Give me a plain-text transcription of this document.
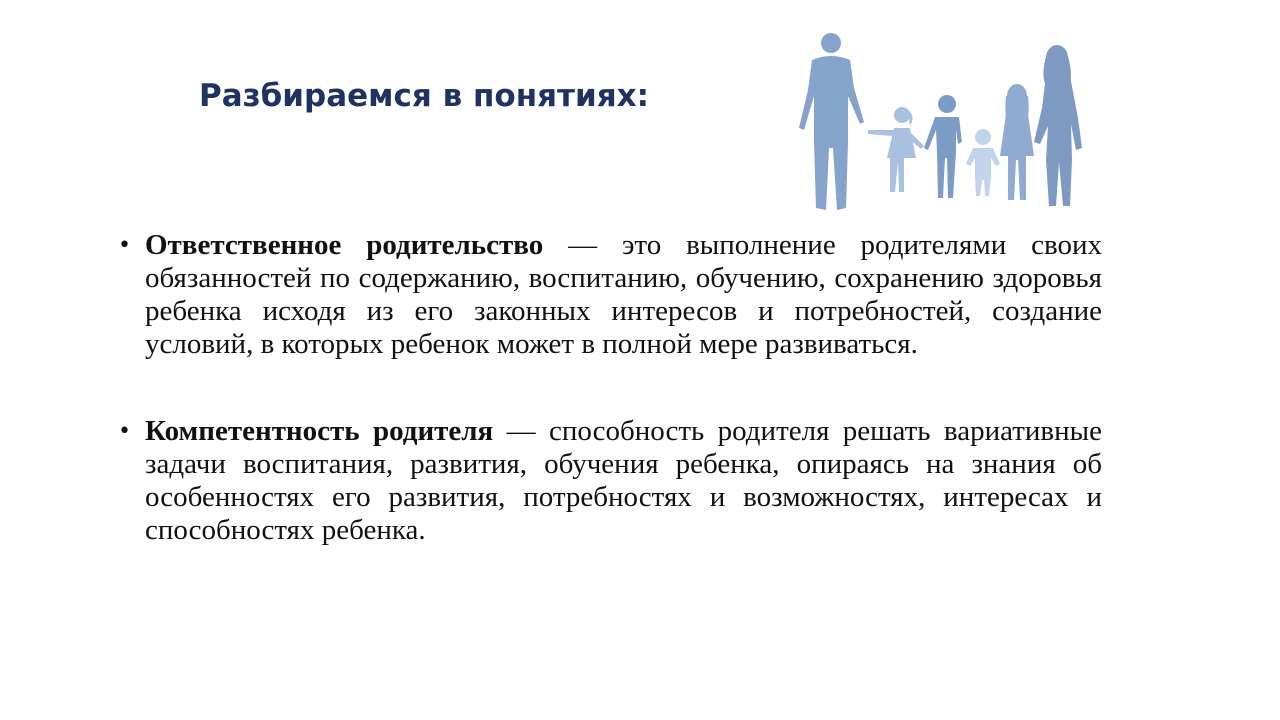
Разбираемся в понятиях:
• Ответственное родительство — это выполнение родителями своих обязанностей по содержанию, воспитанию, обучению, сохранению здоровья ребенка исходя из его законных интересов и потребностей, создание условий, в которых ребенок может в полной мере развиваться.
• Компетентность родителя — способность родителя решать вариативные задачи воспитания, развития, обучения ребенка, опираясь на знания об особенностях его развития, потребностях и возможностях, интересах и способностях ребенка.
